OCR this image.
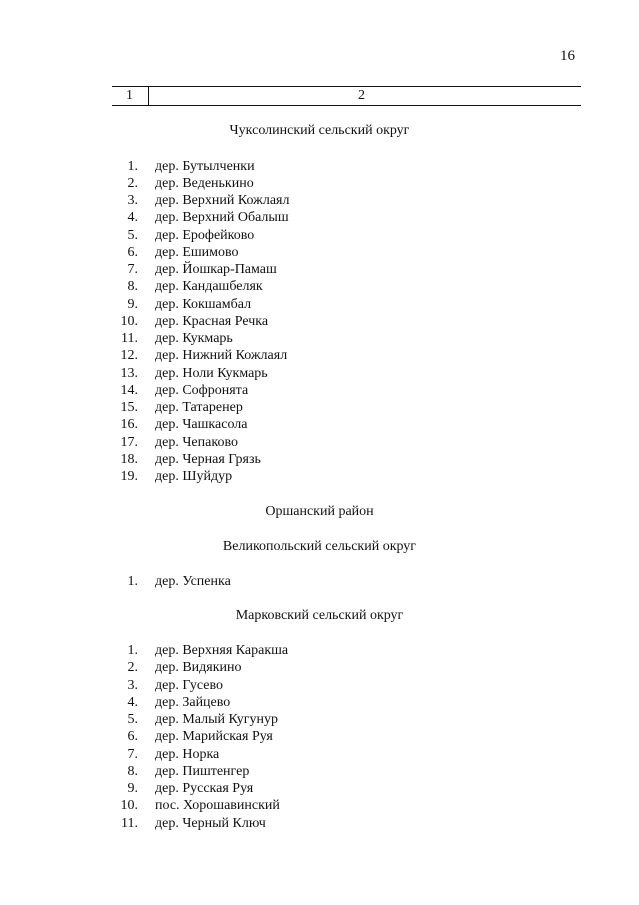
16
1	2
Чуксолинский сельский округ
1. дер. Бутылченки
2. дер. Веденькино
3. дер. Верхний Кожлаял
4. дер. Верхний Обалыш
5. дер. Ерофейково
6. дер. Ешимово
7. дер. Йошкар-Памаш
8. дер. Кандашбеляк
9. дер. Кокшамбал
10. дер. Красная Речка
11. дер. Кукмарь
12. дер. Нижний Кожлаял
13. дер. Ноли Кукмарь
14. дер. Софронята
15. дер. Татаренер
16. дер. Чашкасола
17. дер. Чепаково
18. дер. Черная Грязь
19. дер. Шуйдур
Оршанский район
Великопольский сельский округ
1. дер. Успенка
Марковский сельский округ
1. дер. Верхняя Каракша
2. дер. Видякино
3. дер. Гусево
4. дер. Зайцево
5. дер. Малый Кугунур
6. дер. Марийская Руя
7. дер. Норка
8. дер. Пиштенгер
9. дер. Русская Руя
10. пос. Хорошавинский
11. дер. Черный Ключ
